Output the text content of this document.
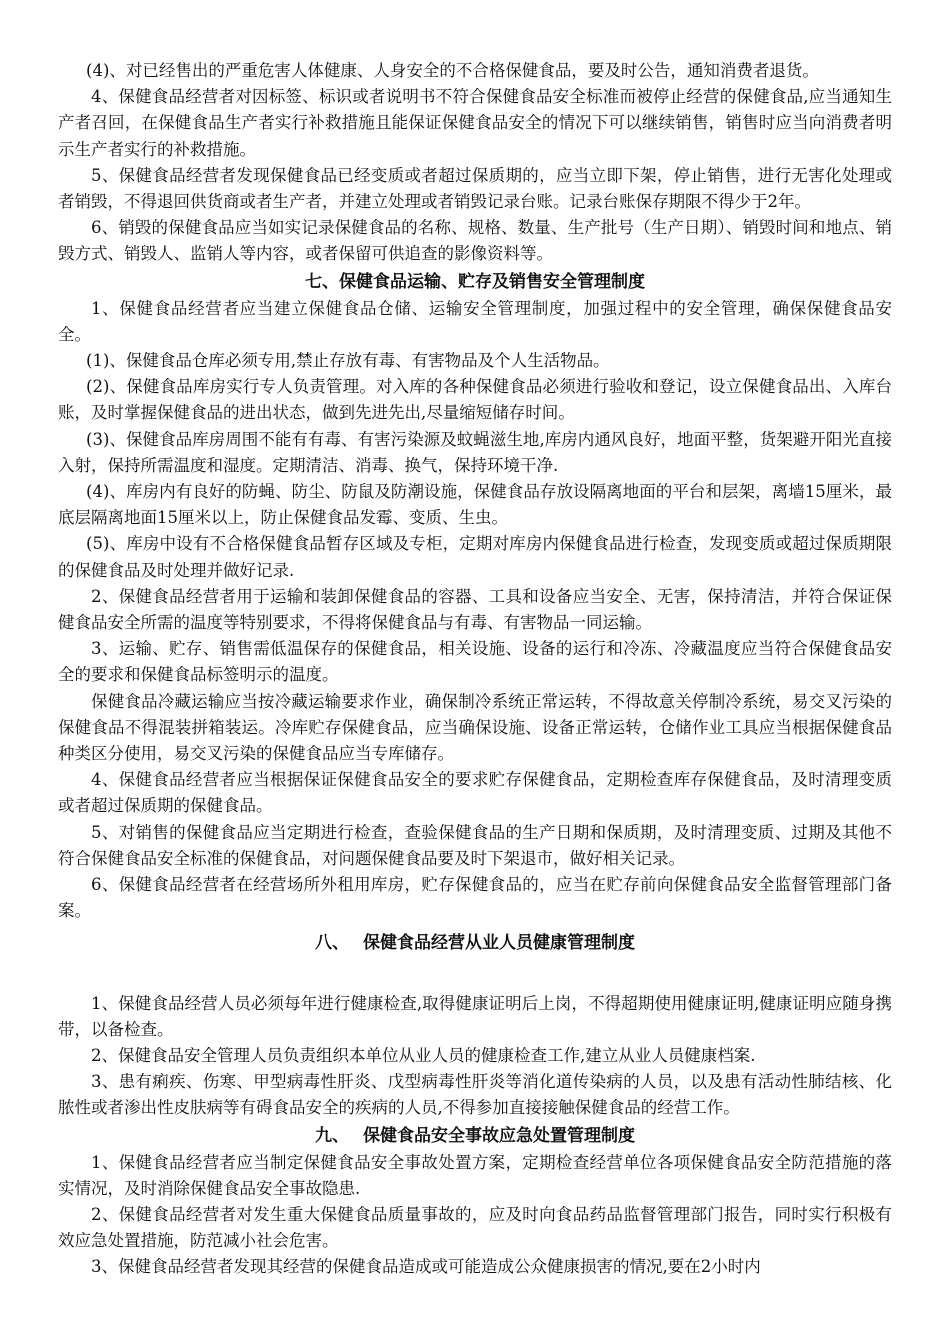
(4)、对已经售出的严重危害人体健康、人身安全的不合格保健食品，要及时公告，通知消费者退货。

4、保健食品经营者对因标签、标识或者说明书不符合保健食品安全标准而被停止经营的保健食品,应当通知生产者召回，在保健食品生产者实行补救措施且能保证保健食品安全的情况下可以继续销售，销售时应当向消费者明示生产者实行的补救措施。

5、保健食品经营者发现保健食品已经变质或者超过保质期的，应当立即下架，停止销售，进行无害化处理或者销毁，不得退回供货商或者生产者，并建立处理或者销毁记录台账。记录台账保存期限不得少于2年。

6、销毁的保健食品应当如实记录保健食品的名称、规格、数量、生产批号（生产日期）、销毁时间和地点、销毁方式、销毁人、监销人等内容，或者保留可供追查的影像资料等。

七、保健食品运输、贮存及销售安全管理制度

1、保健食品经营者应当建立保健食品仓储、运输安全管理制度，加强过程中的安全管理，确保保健食品安全。

(1)、保健食品仓库必须专用,禁止存放有毒、有害物品及个人生活物品。

(2)、保健食品库房实行专人负责管理。对入库的各种保健食品必须进行验收和登记，设立保健食品出、入库台账，及时掌握保健食品的进出状态，做到先进先出,尽量缩短储存时间。

(3)、保健食品库房周围不能有有毒、有害污染源及蚊蝇滋生地,库房内通风良好，地面平整，货架避开阳光直接入射，保持所需温度和湿度。定期清洁、消毒、换气，保持环境干净.

(4)、库房内有良好的防蝇、防尘、防鼠及防潮设施，保健食品存放设隔离地面的平台和层架，离墙15厘米，最底层隔离地面15厘米以上，防止保健食品发霉、变质、生虫。

(5)、库房中设有不合格保健食品暂存区域及专柜，定期对库房内保健食品进行检查，发现变质或超过保质期限的保健食品及时处理并做好记录.

2、保健食品经营者用于运输和装卸保健食品的容器、工具和设备应当安全、无害，保持清洁，并符合保证保健食品安全所需的温度等特别要求，不得将保健食品与有毒、有害物品一同运输。

3、运输、贮存、销售需低温保存的保健食品，相关设施、设备的运行和冷冻、冷藏温度应当符合保健食品安全的要求和保健食品标签明示的温度。

保健食品冷藏运输应当按冷藏运输要求作业，确保制冷系统正常运转，不得故意关停制冷系统，易交叉污染的保健食品不得混装拼箱装运。冷库贮存保健食品，应当确保设施、设备正常运转，仓储作业工具应当根据保健食品种类区分使用，易交叉污染的保健食品应当专库储存。

4、保健食品经营者应当根据保证保健食品安全的要求贮存保健食品，定期检查库存保健食品，及时清理变质或者超过保质期的保健食品。

5、对销售的保健食品应当定期进行检查，查验保健食品的生产日期和保质期，及时清理变质、过期及其他不符合保健食品安全标准的保健食品，对问题保健食品要及时下架退市，做好相关记录。

6、保健食品经营者在经营场所外租用库房，贮存保健食品的，应当在贮存前向保健食品安全监督管理部门备案。

八、 保健食品经营从业人员健康管理制度

1、保健食品经营人员必须每年进行健康检查,取得健康证明后上岗，不得超期使用健康证明,健康证明应随身携带，以备检查。

2、保健食品安全管理人员负责组织本单位从业人员的健康检查工作,建立从业人员健康档案.

3、患有痢疾、伤寒、甲型病毒性肝炎、戊型病毒性肝炎等消化道传染病的人员，以及患有活动性肺结核、化脓性或者渗出性皮肤病等有碍食品安全的疾病的人员,不得参加直接接触保健食品的经营工作。

九、 保健食品安全事故应急处置管理制度

1、保健食品经营者应当制定保健食品安全事故处置方案，定期检查经营单位各项保健食品安全防范措施的落实情况，及时消除保健食品安全事故隐患.

2、保健食品经营者对发生重大保健食品质量事故的，应及时向食品药品监督管理部门报告，同时实行积极有效应急处置措施，防范减小社会危害。

3、保健食品经营者发现其经营的保健食品造成或可能造成公众健康损害的情况,要在2小时内
